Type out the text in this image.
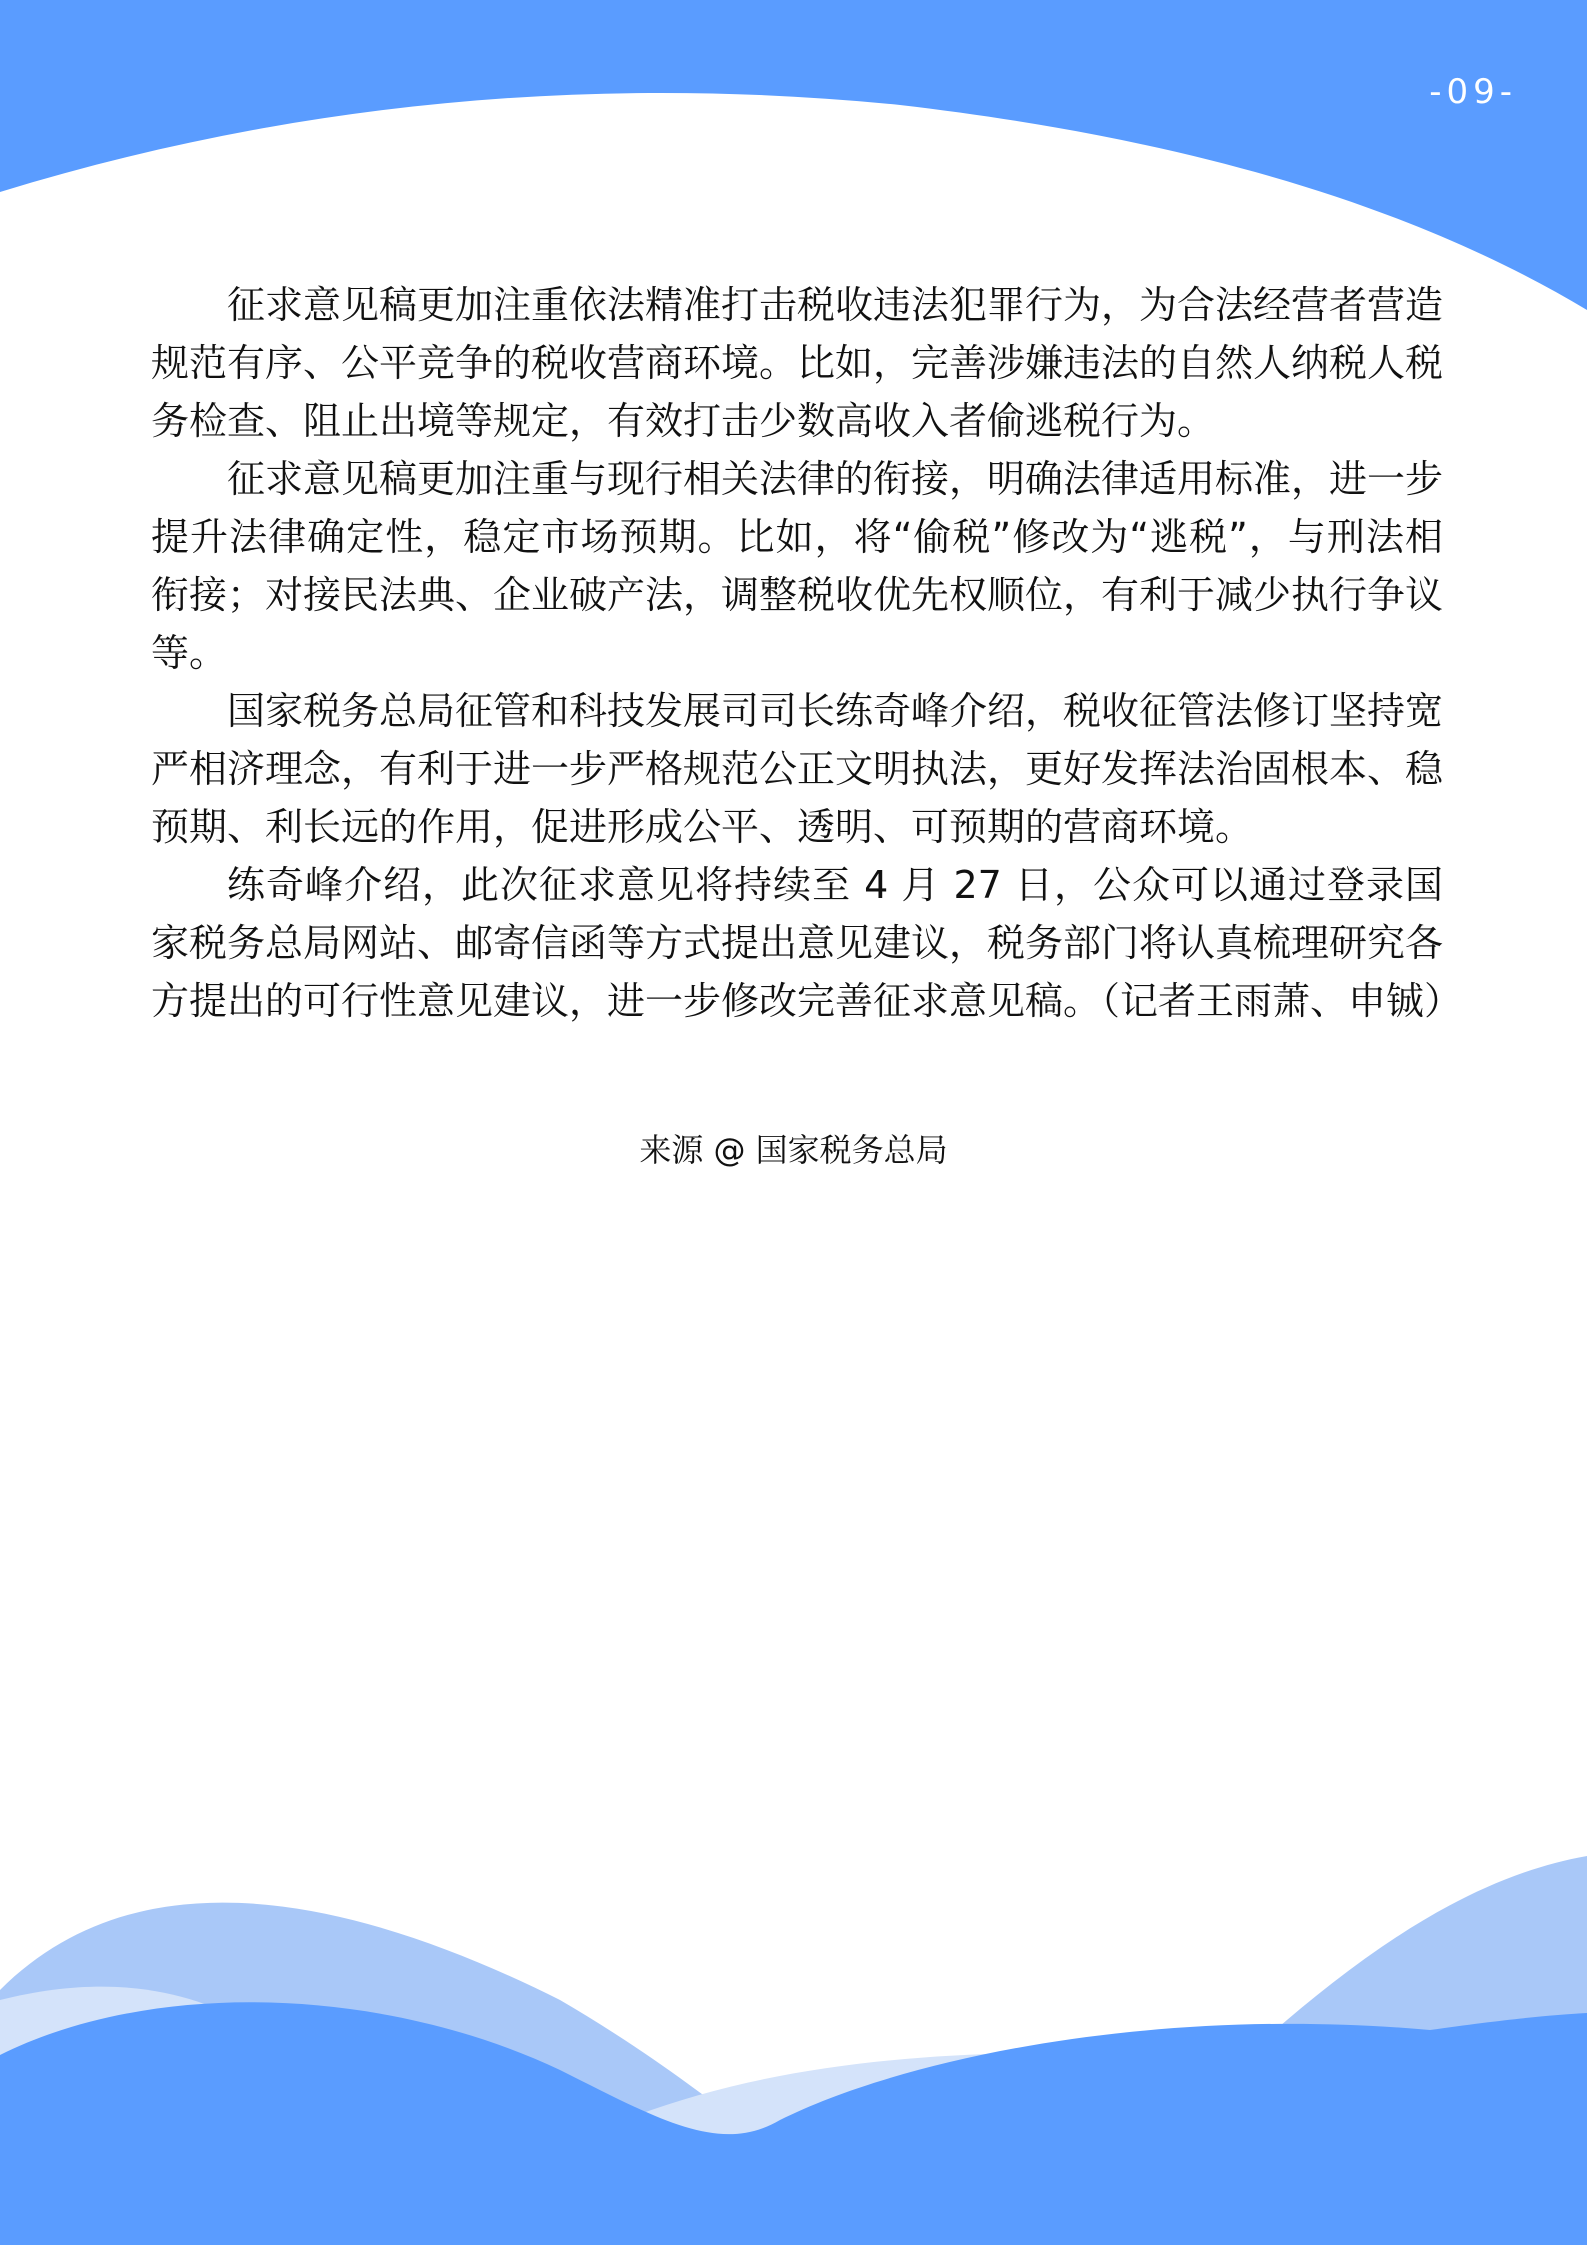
-09-

征求意见稿更加注重依法精准打击税收违法犯罪行为，为合法经营者营造规范有序、公平竞争的税收营商环境。比如，完善涉嫌违法的自然人纳税人税务检查、阻止出境等规定，有效打击少数高收入者偷逃税行为。

征求意见稿更加注重与现行相关法律的衔接，明确法律适用标准，进一步提升法律确定性，稳定市场预期。比如，将“偷税”修改为“逃税”，与刑法相衔接；对接民法典、企业破产法，调整税收优先权顺位，有利于减少执行争议等。

国家税务总局征管和科技发展司司长练奇峰介绍，税收征管法修订坚持宽严相济理念，有利于进一步严格规范公正文明执法，更好发挥法治固根本、稳预期、利长远的作用，促进形成公平、透明、可预期的营商环境。

练奇峰介绍，此次征求意见将持续至 4 月 27 日，公众可以通过登录国家税务总局网站、邮寄信函等方式提出意见建议，税务部门将认真梳理研究各方提出的可行性意见建议，进一步修改完善征求意见稿。（记者王雨萧、申铖）

来源 @ 国家税务总局
